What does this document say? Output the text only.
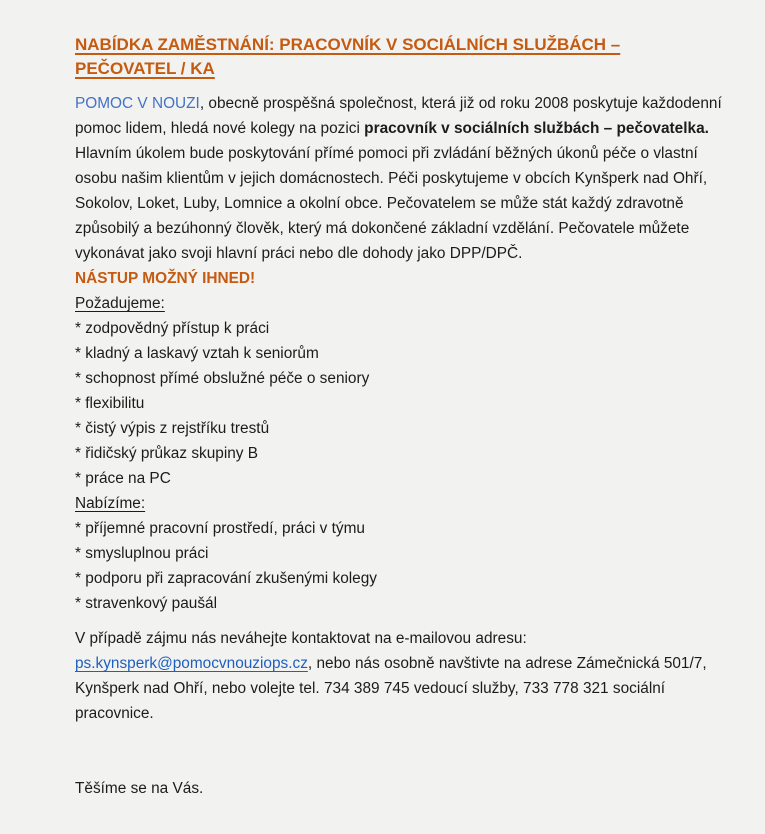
NABÍDKA ZAMĚSTNÁNÍ: PRACOVNÍK V SOCIÁLNÍCH SLUŽBÁCH – PEČOVATEL / KA

POMOC V NOUZI, obecně prospěšná společnost, která již od roku 2008 poskytuje každodenní pomoc lidem, hledá nové kolegy na pozici pracovník v sociálních službách – pečovatelka. Hlavním úkolem bude poskytování přímé pomoci při zvládání běžných úkonů péče o vlastní osobu našim klientům v jejich domácnostech. Péči poskytujeme v obcích Kynšperk nad Ohří, Sokolov, Loket, Luby, Lomnice a okolní obce. Pečovatelem se může stát každý zdravotně způsobilý a bezúhonný člověk, který má dokončené základní vzdělání. Pečovatele můžete vykonávat jako svoji hlavní práci nebo dle dohody jako DPP/DPČ.

NÁSTUP MOŽNÝ IHNED!
Požadujeme:
* zodpovědný přístup k práci
* kladný a laskavý vztah k seniorům
* schopnost přímé obslužné péče o seniory
* flexibilitu
* čistý výpis z rejstříku trestů
* řidičský průkaz skupiny B
* práce na PC
Nabízíme:
* příjemné pracovní prostředí, práci v týmu
* smysluplnou práci
* podporu při zapracování zkušenými kolegy
* stravenkový paušál

V případě zájmu nás neváhejte kontaktovat na e-mailovou adresu: ps.kynsperk@pomocvnouziops.cz, nebo nás osobně navštivte na adrese Zámečnická 501/7, Kynšperk nad Ohří, nebo volejte tel. 734 389 745 vedoucí služby, 733 778 321 sociální pracovnice.

Těšíme se na Vás.
